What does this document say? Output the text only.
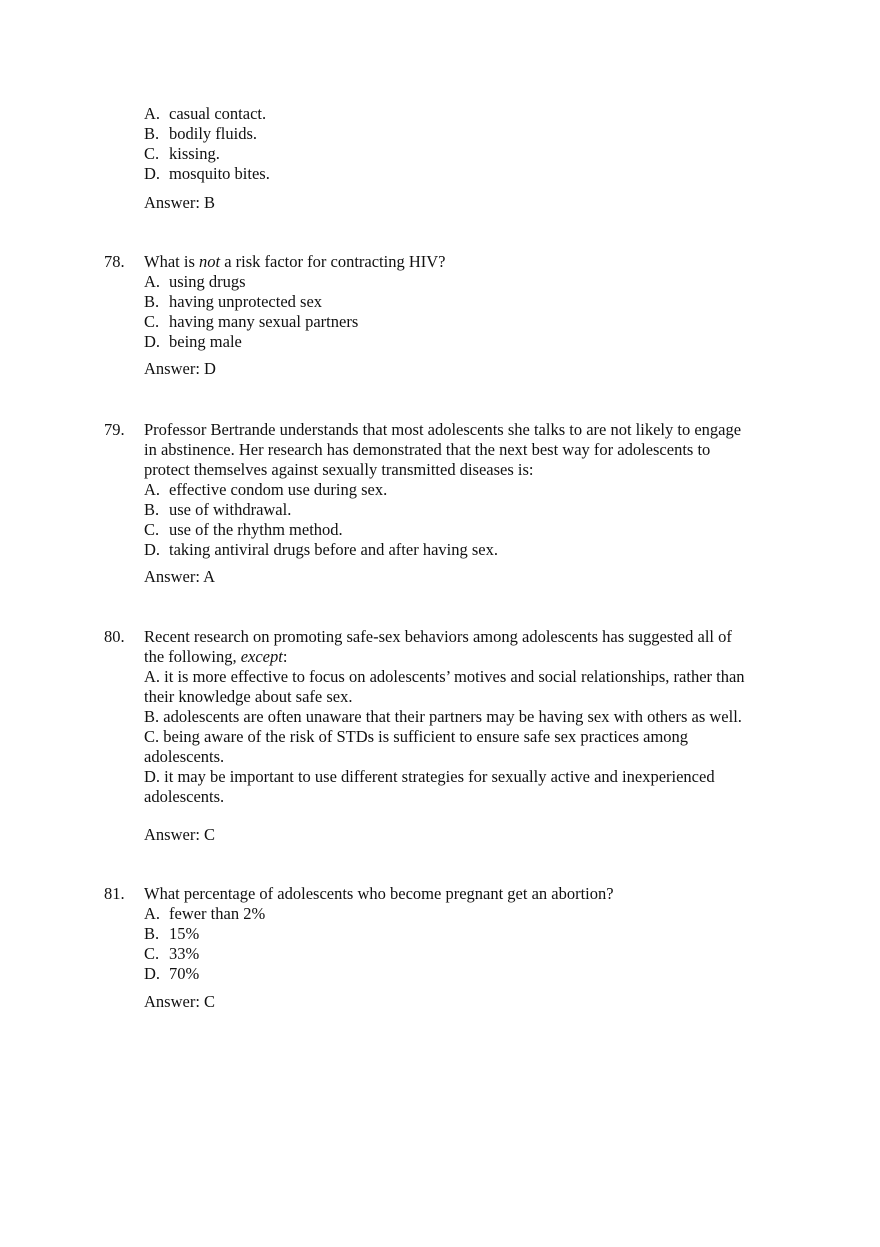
A. casual contact.
B. bodily fluids.
C. kissing.
D. mosquito bites.
Answer: B
78. What is not a risk factor for contracting HIV?
A. using drugs
B. having unprotected sex
C. having many sexual partners
D. being male
Answer: D
79. Professor Bertrande understands that most adolescents she talks to are not likely to engage
in abstinence. Her research has demonstrated that the next best way for adolescents to
protect themselves against sexually transmitted diseases is:
A. effective condom use during sex.
B. use of withdrawal.
C. use of the rhythm method.
D. taking antiviral drugs before and after having sex.
Answer: A
80. Recent research on promoting safe-sex behaviors among adolescents has suggested all of
the following, except:
A. it is more effective to focus on adolescents’ motives and social relationships, rather than
their knowledge about safe sex.
B. adolescents are often unaware that their partners may be having sex with others as well.
C. being aware of the risk of STDs is sufficient to ensure safe sex practices among
adolescents.
D. it may be important to use different strategies for sexually active and inexperienced
adolescents.
Answer: C
81. What percentage of adolescents who become pregnant get an abortion?
A. fewer than 2%
B. 15%
C. 33%
D. 70%
Answer: C
